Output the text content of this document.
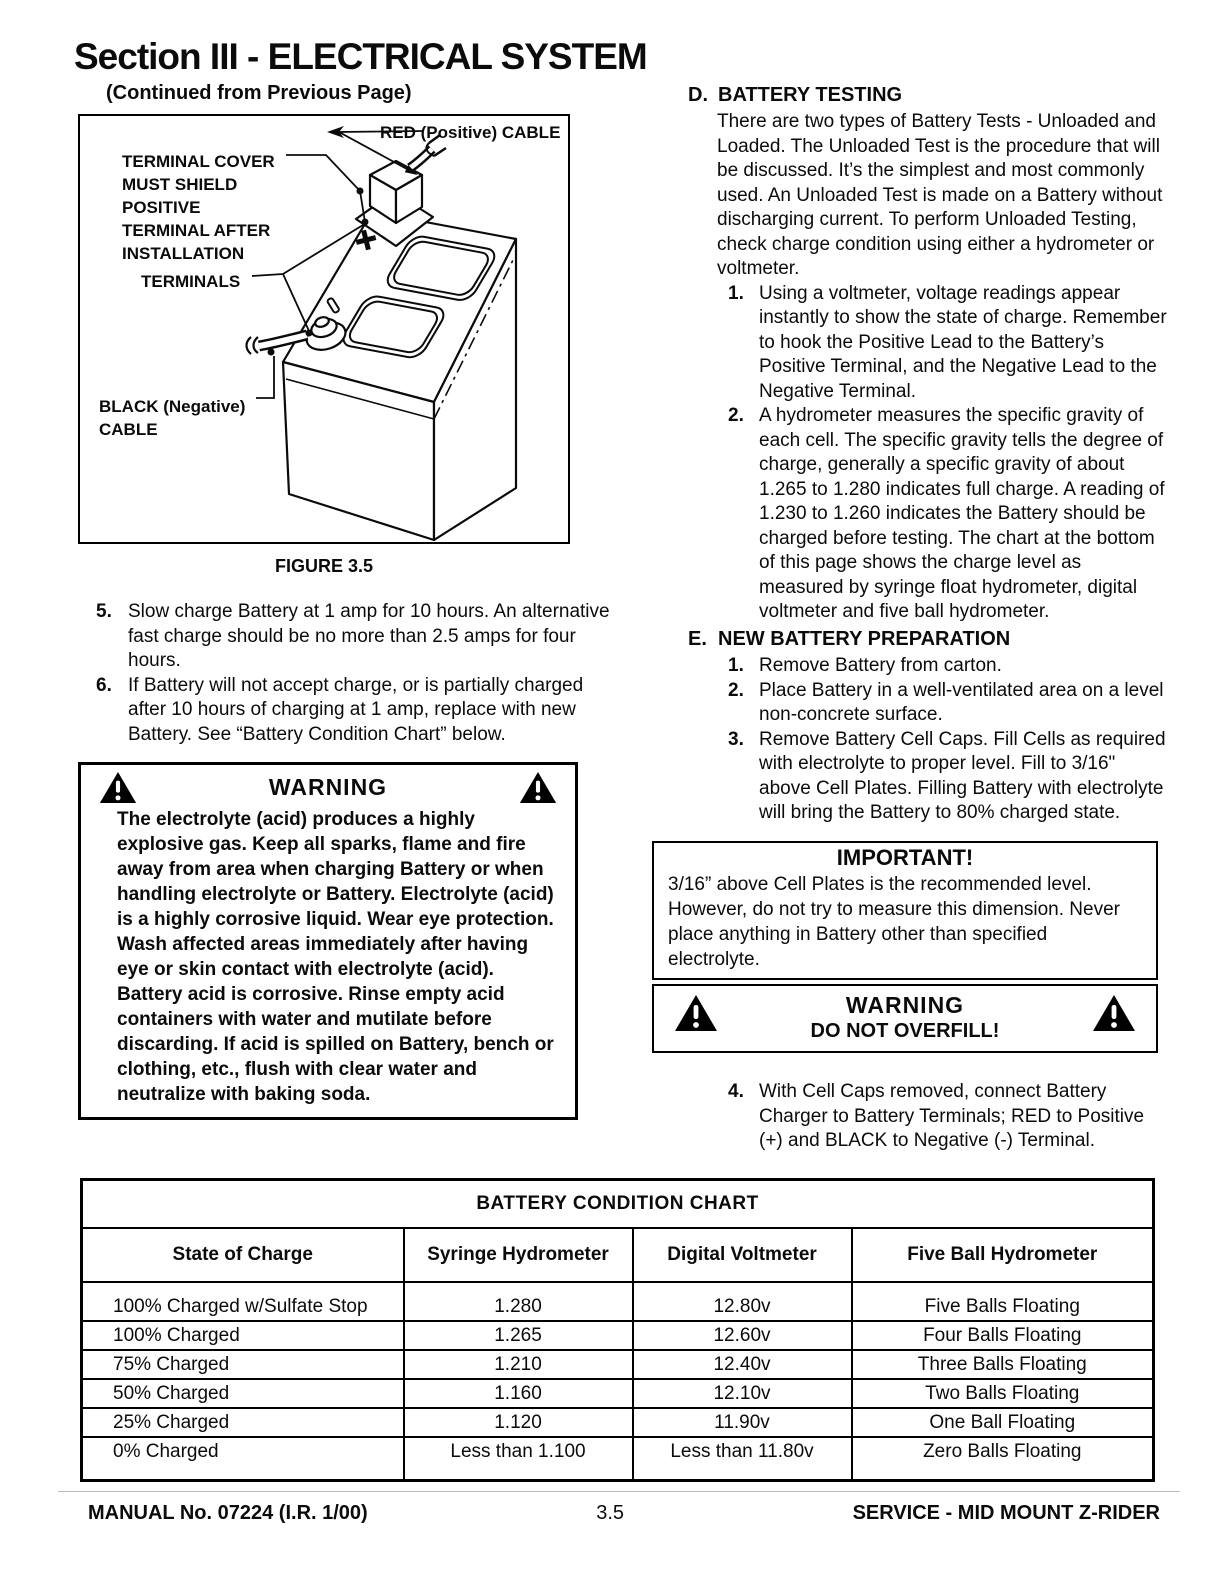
Section III - ELECTRICAL SYSTEM
(Continued from Previous Page)
RED (Positive) CABLE
TERMINAL COVER
MUST SHIELD
POSITIVE
TERMINAL AFTER
INSTALLATION
TERMINALS
BLACK (Negative)
CABLE
FIGURE 3.5
5. Slow charge Battery at 1 amp for 10 hours. An alternative fast charge should be no more than 2.5 amps for four hours.
6. If Battery will not accept charge, or is partially charged after 10 hours of charging at 1 amp, replace with new Battery. See “Battery Condition Chart” below.
WARNING
The electrolyte (acid) produces a highly explosive gas. Keep all sparks, flame and fire away from area when charging Battery or when handling electrolyte or Battery. Electrolyte (acid) is a highly corrosive liquid. Wear eye protection. Wash affected areas immediately after having eye or skin contact with electrolyte (acid). Battery acid is corrosive. Rinse empty acid containers with water and mutilate before discarding. If acid is spilled on Battery, bench or clothing, etc., flush with clear water and neutralize with baking soda.
D. BATTERY TESTING
There are two types of Battery Tests - Unloaded and Loaded. The Unloaded Test is the procedure that will be discussed. It’s the simplest and most commonly used. An Unloaded Test is made on a Battery without discharging current. To perform Unloaded Testing, check charge condition using either a hydrometer or voltmeter.
1. Using a voltmeter, voltage readings appear instantly to show the state of charge. Remember to hook the Positive Lead to the Battery’s Positive Terminal, and the Negative Lead to the Negative Terminal.
2. A hydrometer measures the specific gravity of each cell. The specific gravity tells the degree of charge, generally a specific gravity of about 1.265 to 1.280 indicates full charge. A reading of 1.230 to 1.260 indicates the Battery should be charged before testing. The chart at the bottom of this page shows the charge level as measured by syringe float hydrometer, digital voltmeter and five ball hydrometer.
E. NEW BATTERY PREPARATION
1. Remove Battery from carton.
2. Place Battery in a well-ventilated area on a level non-concrete surface.
3. Remove Battery Cell Caps. Fill Cells as required with electrolyte to proper level. Fill to 3/16" above Cell Plates. Filling Battery with electrolyte will bring the Battery to 80% charged state.
IMPORTANT!
3/16” above Cell Plates is the recommended level. However, do not try to measure this dimension. Never place anything in Battery other than specified electrolyte.
WARNING
DO NOT OVERFILL!
4. With Cell Caps removed, connect Battery Charger to Battery Terminals; RED to Positive (+) and BLACK to Negative (-) Terminal.
BATTERY CONDITION CHART			
State of Charge	Syringe Hydrometer	Digital Voltmeter	Five Ball Hydrometer
100% Charged w/Sulfate Stop	1.280	12.80v	Five Balls Floating
100% Charged	1.265	12.60v	Four Balls Floating
75% Charged	1.210	12.40v	Three Balls Floating
50% Charged	1.160	12.10v	Two Balls Floating
25% Charged	1.120	11.90v	One Ball Floating
0% Charged	Less than 1.100	Less than 11.80v	Zero Balls Floating
MANUAL No. 07224 (I.R. 1/00)	3.5	SERVICE - MID MOUNT Z-RIDER
